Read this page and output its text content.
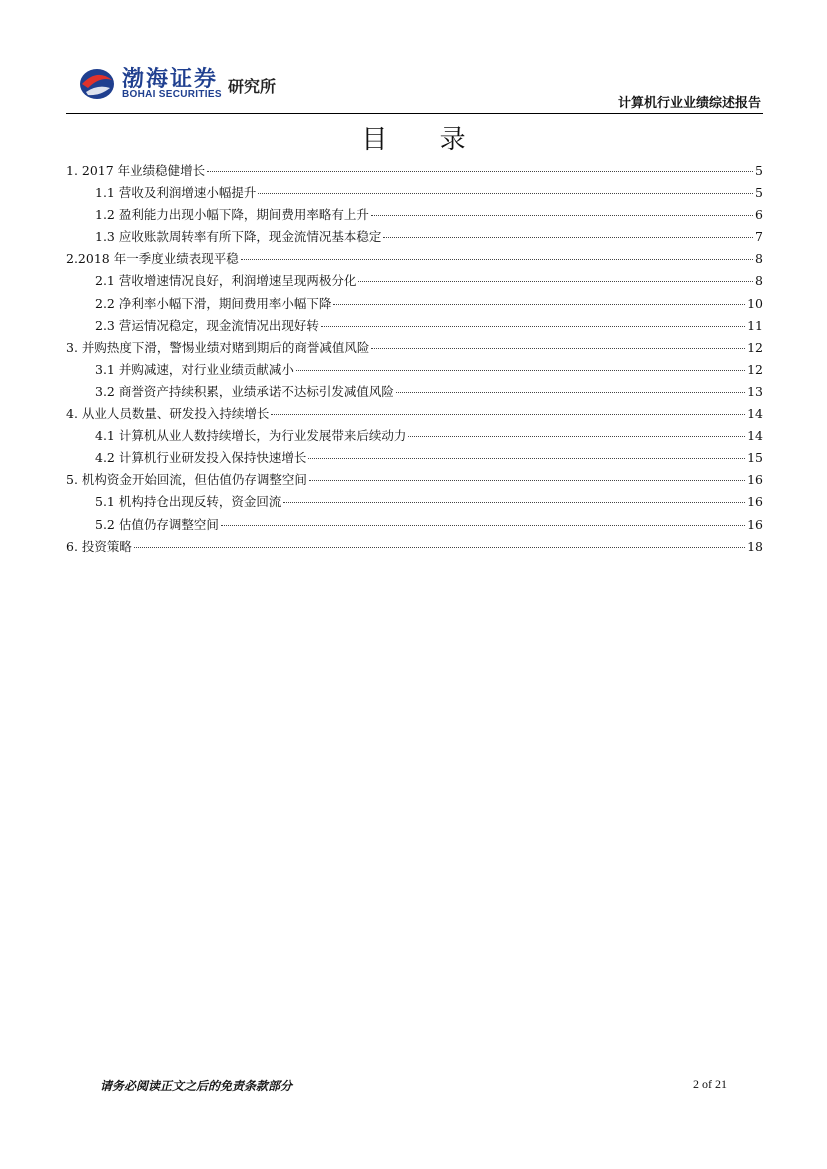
渤海证券
BOHAI SECURITIES 研究所
计算机行业业绩综述报告
目 录
1. 2017 年业绩稳健增长	5
1.1 营收及利润增速小幅提升	5
1.2 盈利能力出现小幅下降，期间费用率略有上升	6
1.3 应收账款周转率有所下降，现金流情况基本稳定	7
2.2018 年一季度业绩表现平稳	8
2.1 营收增速情况良好，利润增速呈现两极分化	8
2.2 净利率小幅下滑，期间费用率小幅下降	10
2.3 营运情况稳定，现金流情况出现好转	11
3. 并购热度下滑，警惕业绩对赌到期后的商誉减值风险	12
3.1 并购减速，对行业业绩贡献减小	12
3.2 商誉资产持续积累，业绩承诺不达标引发减值风险	13
4. 从业人员数量、研发投入持续增长	14
4.1 计算机从业人数持续增长，为行业发展带来后续动力	14
4.2 计算机行业研发投入保持快速增长	15
5. 机构资金开始回流，但估值仍存调整空间	16
5.1 机构持仓出现反转，资金回流	16
5.2 估值仍存调整空间	16
6. 投资策略	18
请务必阅读正文之后的免责条款部分	2 of 21
